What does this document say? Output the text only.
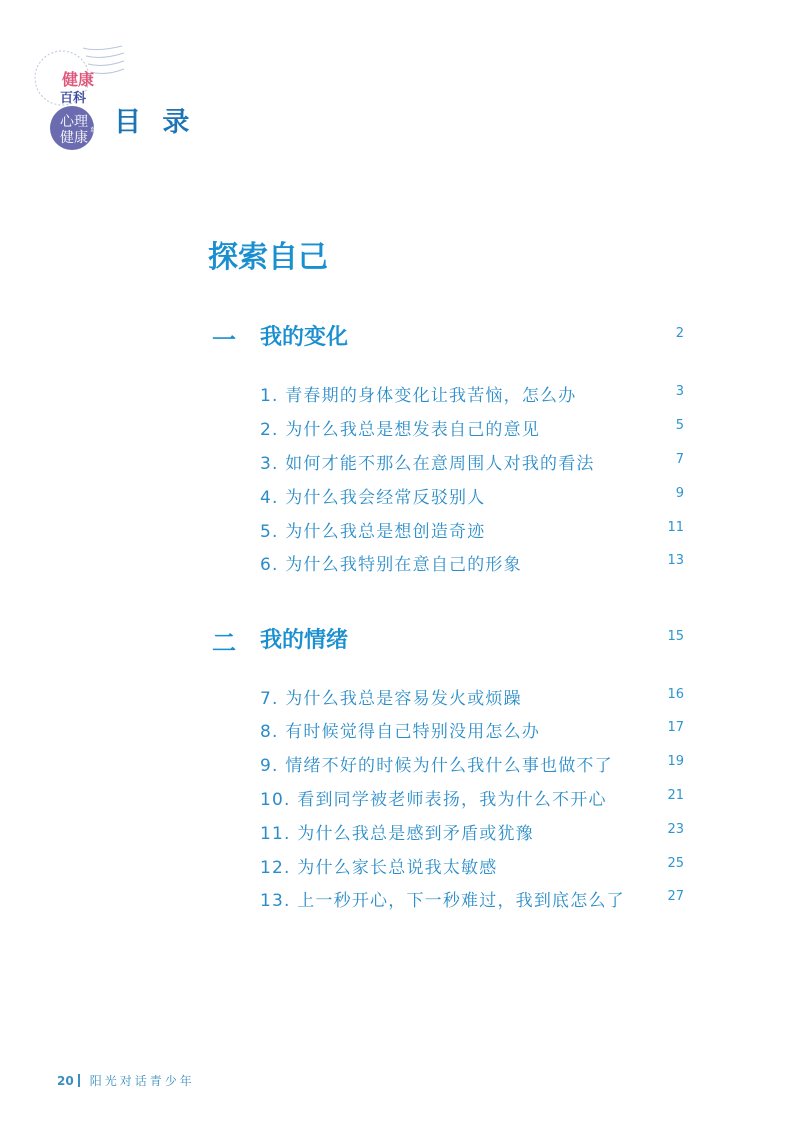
心理
健康 系列
健康
百科
目 录
探索自己
一 我的变化	2
1. 青春期的身体变化让我苦恼，怎么办	3
2. 为什么我总是想发表自己的意见	5
3. 如何才能不那么在意周围人对我的看法	7
4. 为什么我会经常反驳别人	9
5. 为什么我总是想创造奇迹	11
6. 为什么我特别在意自己的形象	13
二 我的情绪	15
7. 为什么我总是容易发火或烦躁	16
8. 有时候觉得自己特别没用怎么办	17
9. 情绪不好的时候为什么我什么事也做不了	19
10. 看到同学被老师表扬，我为什么不开心	21
11. 为什么我总是感到矛盾或犹豫	23
12. 为什么家长总说我太敏感	25
13. 上一秒开心，下一秒难过，我到底怎么了	27
20 阳光对话青少年
